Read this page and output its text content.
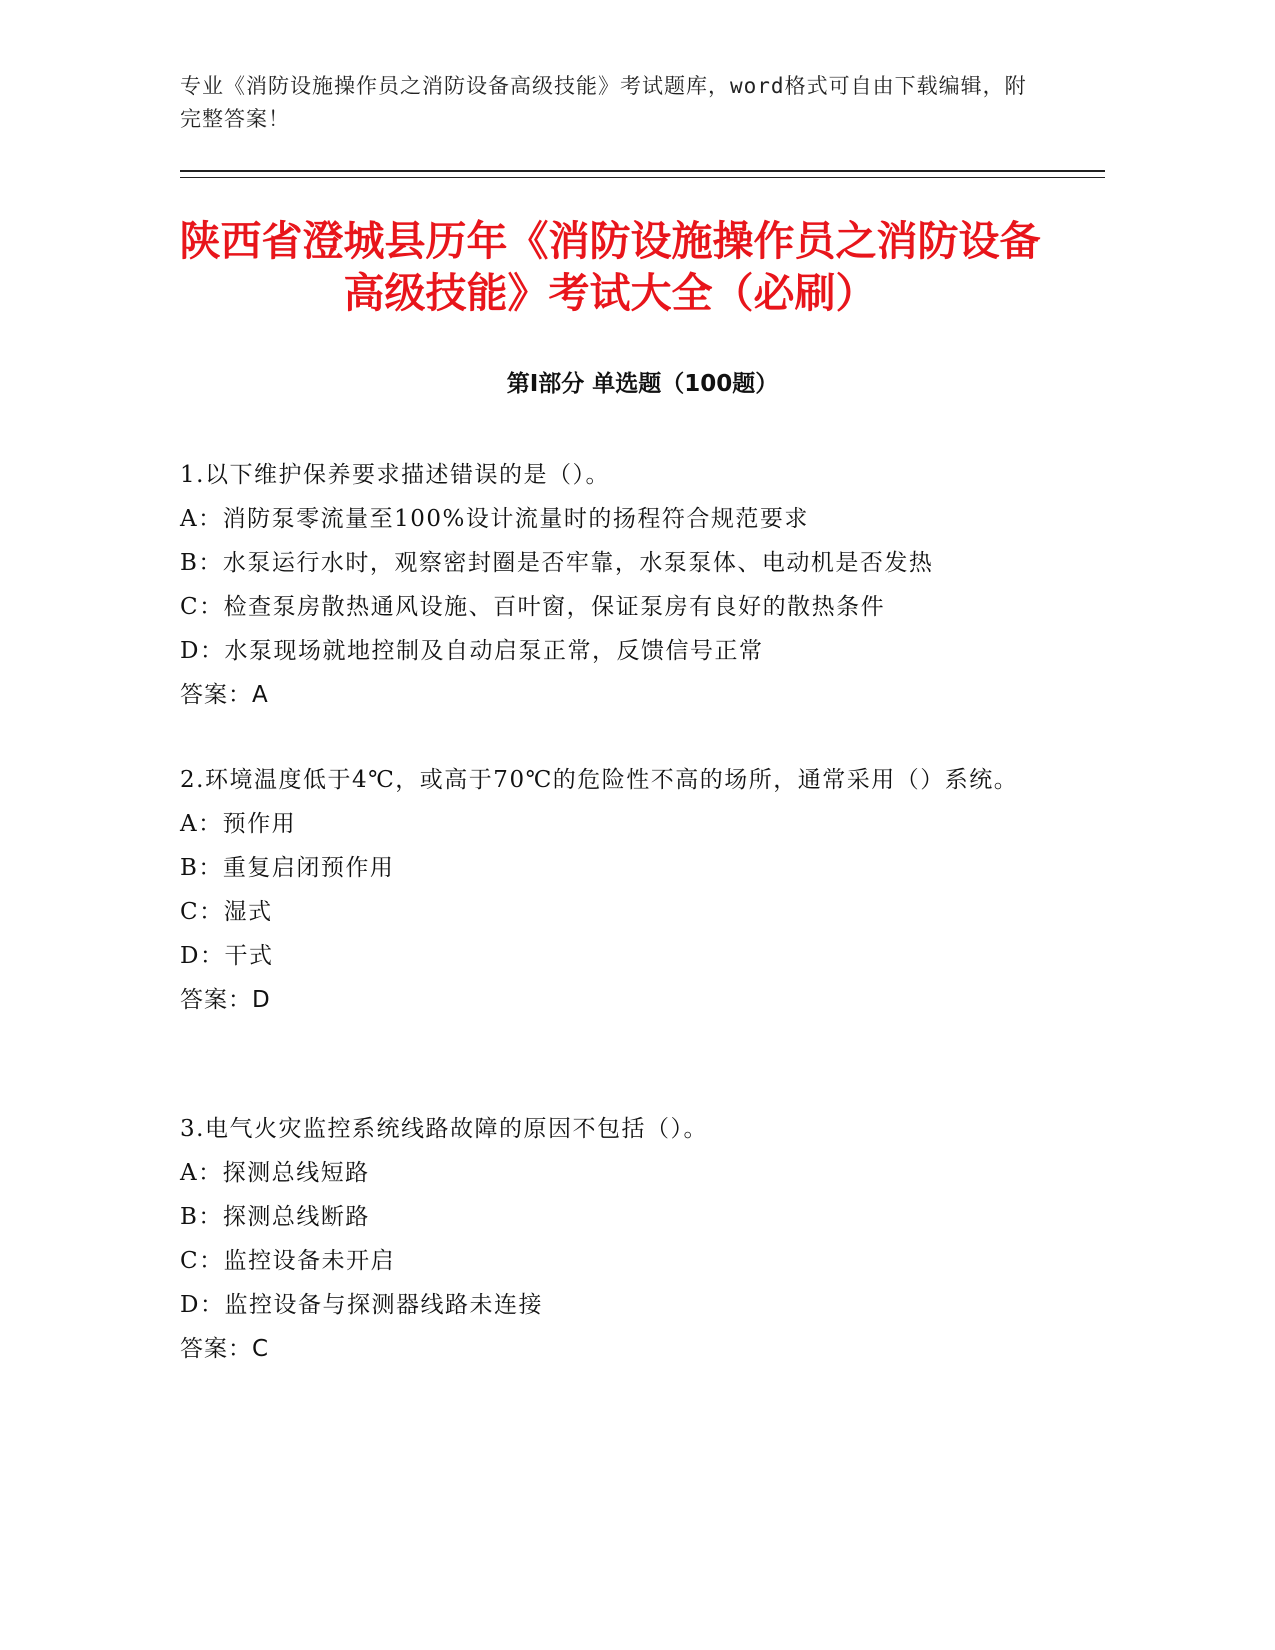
专业《消防设施操作员之消防设备高级技能》考试题库，word格式可自由下载编辑，附完整答案！
陕西省澄城县历年《消防设施操作员之消防设备高级技能》考试大全（必刷）
第Ⅰ部分 单选题（100题）

1.以下维护保养要求描述错误的是（）。

A：消防泵零流量至100%设计流量时的扬程符合规范要求

B：水泵运行水时，观察密封圈是否牢靠，水泵泵体、电动机是否发热

C：检查泵房散热通风设施、百叶窗，保证泵房有良好的散热条件

D：水泵现场就地控制及自动启泵正常，反馈信号正常

答案：A

2.环境温度低于4℃，或高于70℃的危险性不高的场所，通常采用（）系统。

A：预作用

B：重复启闭预作用

C：湿式

D：干式

答案：D

3.电气火灾监控系统线路故障的原因不包括（）。

A：探测总线短路

B：探测总线断路

C：监控设备未开启

D：监控设备与探测器线路未连接

答案：C
